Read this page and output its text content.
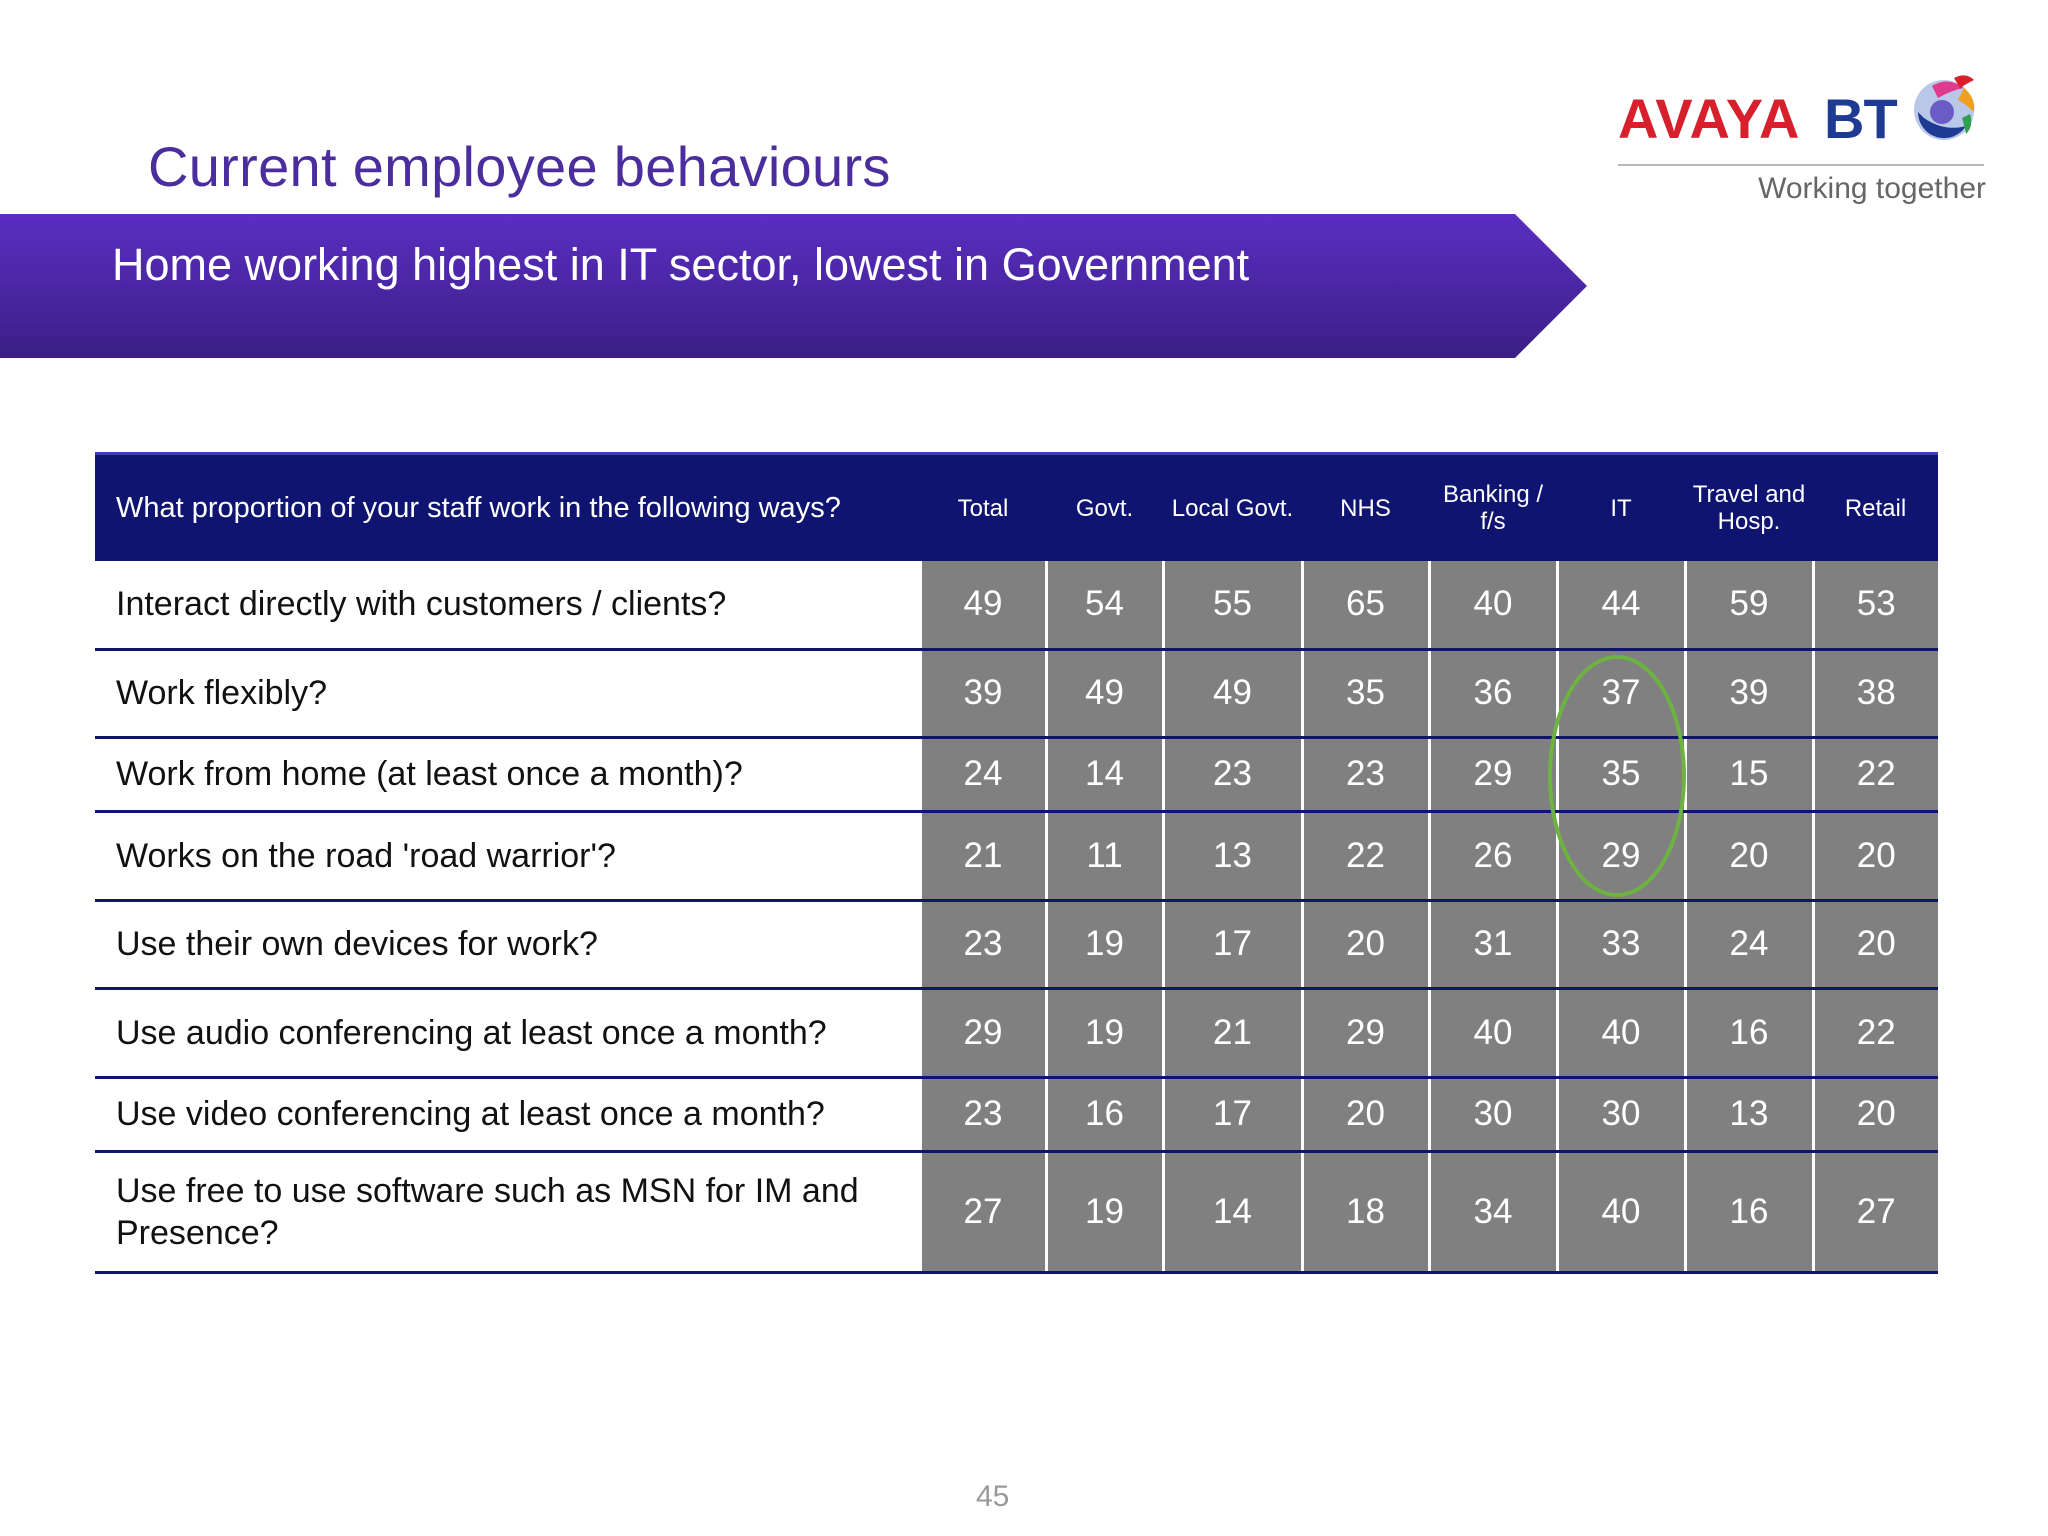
Current employee behaviours
Home working highest in IT sector, lowest in Government
AVAYA BT
Working together
What proportion of your staff work in the following ways?	Total	Govt.	Local Govt.	NHS	Banking / f/s	IT	Travel and Hosp.	Retail
Interact directly with customers / clients?	49	54	55	65	40	44	59	53
Work flexibly?	39	49	49	35	36	37	39	38
Work from home (at least once a month)?	24	14	23	23	29	35	15	22
Works on the road 'road warrior'?	21	11	13	22	26	29	20	20
Use their own devices for work?	23	19	17	20	31	33	24	20
Use audio conferencing at least once a month?	29	19	21	29	40	40	16	22
Use video conferencing at least once a month?	23	16	17	20	30	30	13	20
Use free to use software such as MSN for IM and Presence?	27	19	14	18	34	40	16	27
45
